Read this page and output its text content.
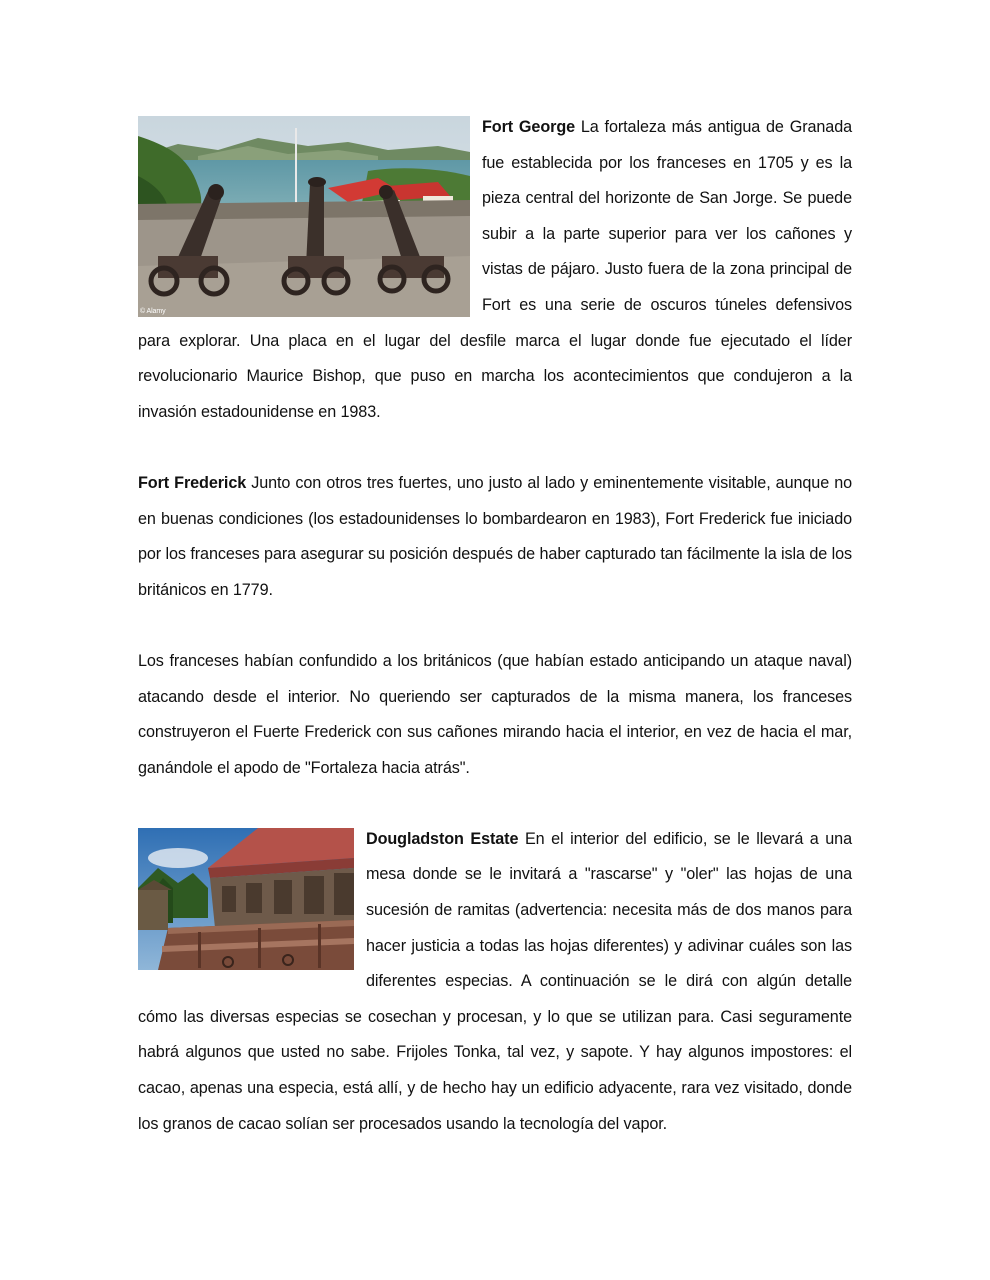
© Alamy
Fort George La fortaleza más antigua de Granada fue establecida por los franceses en 1705 y es la pieza central del horizonte de San Jorge. Se puede subir a la parte superior para ver los cañones y vistas de pájaro. Justo fuera de la zona principal de Fort es una serie de oscuros túneles defensivos para explorar. Una placa en el lugar del desfile marca el lugar donde fue ejecutado el líder revolucionario Maurice Bishop, que puso en marcha los acontecimientos que condujeron a la invasión estadounidense en 1983.

Fort Frederick Junto con otros tres fuertes, uno justo al lado y eminentemente visitable, aunque no en buenas condiciones (los estadounidenses lo bombardearon en 1983), Fort Frederick fue iniciado por los franceses para asegurar su posición después de haber capturado tan fácilmente la isla de los británicos en 1779.

Los franceses habían confundido a los británicos (que habían estado anticipando un ataque naval) atacando desde el interior. No queriendo ser capturados de la misma manera, los franceses construyeron el Fuerte Frederick con sus cañones mirando hacia el interior, en vez de hacia el mar, ganándole el apodo de "Fortaleza hacia atrás".

Dougladston Estate En el interior del edificio, se le llevará a una mesa donde se le invitará a "rascarse" y "oler" las hojas de una sucesión de ramitas (advertencia: necesita más de dos manos para hacer justicia a todas las hojas diferentes) y adivinar cuáles son las diferentes especias. A continuación se le dirá con algún detalle cómo las diversas especias se cosechan y procesan, y lo que se utilizan para. Casi seguramente habrá algunos que usted no sabe. Frijoles Tonka, tal vez, y sapote. Y hay algunos impostores: el cacao, apenas una especia, está allí, y de hecho hay un edificio adyacente, rara vez visitado, donde los granos de cacao solían ser procesados usando la tecnología del vapor.
